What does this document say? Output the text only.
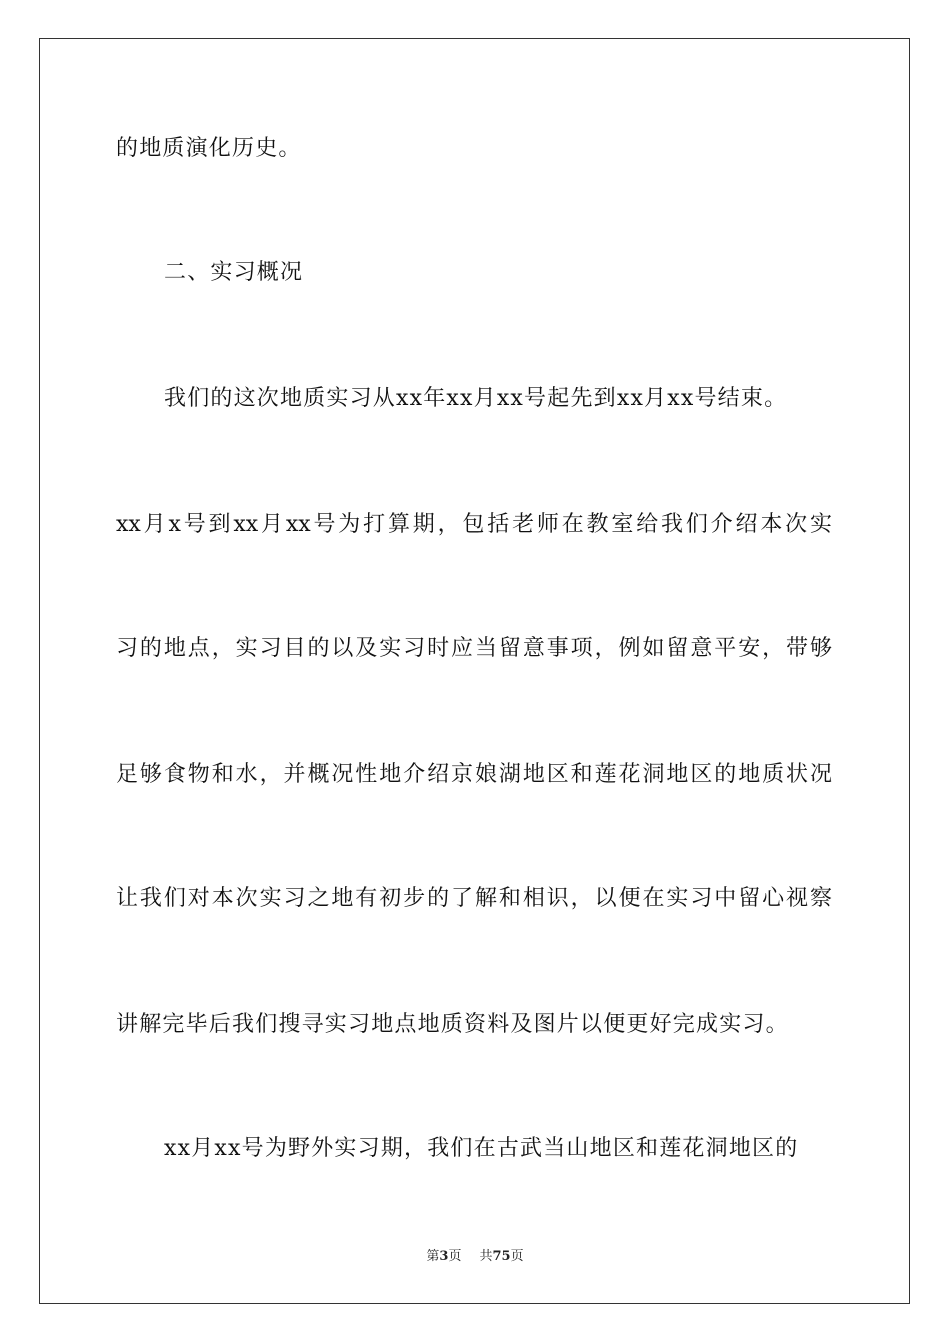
的地质演化历史。
二、实习概况
我们的这次地质实习从xx年xx月xx号起先到xx月xx号结束。
xx月x号到xx月xx号为打算期，包括老师在教室给我们介绍本次实
习的地点，实习目的以及实习时应当留意事项，例如留意平安，带够
足够食物和水，并概况性地介绍京娘湖地区和莲花洞地区的地质状况
让我们对本次实习之地有初步的了解和相识，以便在实习中留心视察
讲解完毕后我们搜寻实习地点地质资料及图片以便更好完成实习。
xx月xx号为野外实习期，我们在古武当山地区和莲花洞地区的
第3页 共75页
